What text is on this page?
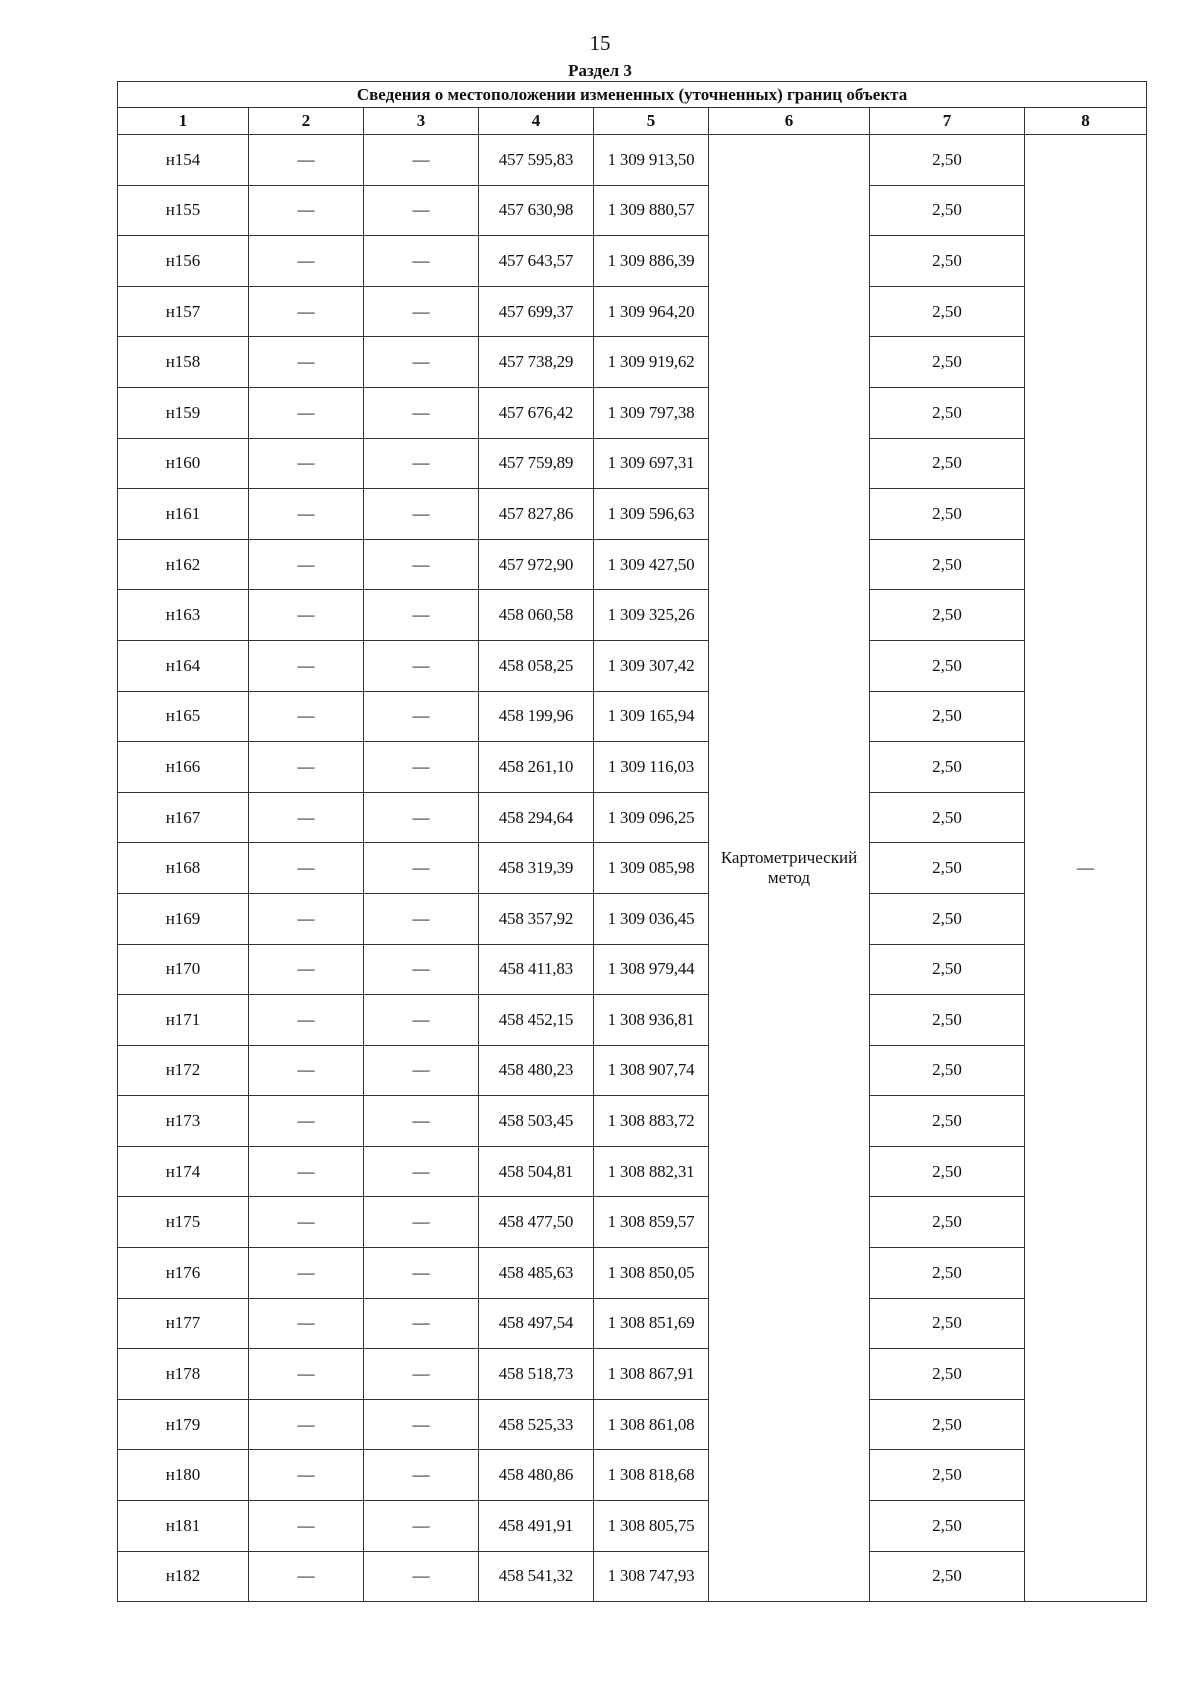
15
Раздел 3
Сведения о местоположении измененных (уточненных) границ объекта							
1	2	3	4	5	6	7	8
н154	—	—	457 595,83	1 309 913,50	Картометрический метод	2,50	—
н155	—	—	457 630,98	1 309 880,57		2,50	
н156	—	—	457 643,57	1 309 886,39		2,50	
н157	—	—	457 699,37	1 309 964,20		2,50	
н158	—	—	457 738,29	1 309 919,62		2,50	
н159	—	—	457 676,42	1 309 797,38		2,50	
н160	—	—	457 759,89	1 309 697,31		2,50	
н161	—	—	457 827,86	1 309 596,63		2,50	
н162	—	—	457 972,90	1 309 427,50		2,50	
н163	—	—	458 060,58	1 309 325,26		2,50	
н164	—	—	458 058,25	1 309 307,42		2,50	
н165	—	—	458 199,96	1 309 165,94		2,50	
н166	—	—	458 261,10	1 309 116,03		2,50	
н167	—	—	458 294,64	1 309 096,25		2,50	
н168	—	—	458 319,39	1 309 085,98		2,50	
н169	—	—	458 357,92	1 309 036,45		2,50	
н170	—	—	458 411,83	1 308 979,44		2,50	
н171	—	—	458 452,15	1 308 936,81		2,50	
н172	—	—	458 480,23	1 308 907,74		2,50	
н173	—	—	458 503,45	1 308 883,72		2,50	
н174	—	—	458 504,81	1 308 882,31		2,50	
н175	—	—	458 477,50	1 308 859,57		2,50	
н176	—	—	458 485,63	1 308 850,05		2,50	
н177	—	—	458 497,54	1 308 851,69		2,50	
н178	—	—	458 518,73	1 308 867,91		2,50	
н179	—	—	458 525,33	1 308 861,08		2,50	
н180	—	—	458 480,86	1 308 818,68		2,50	
н181	—	—	458 491,91	1 308 805,75		2,50	
н182	—	—	458 541,32	1 308 747,93		2,50	
